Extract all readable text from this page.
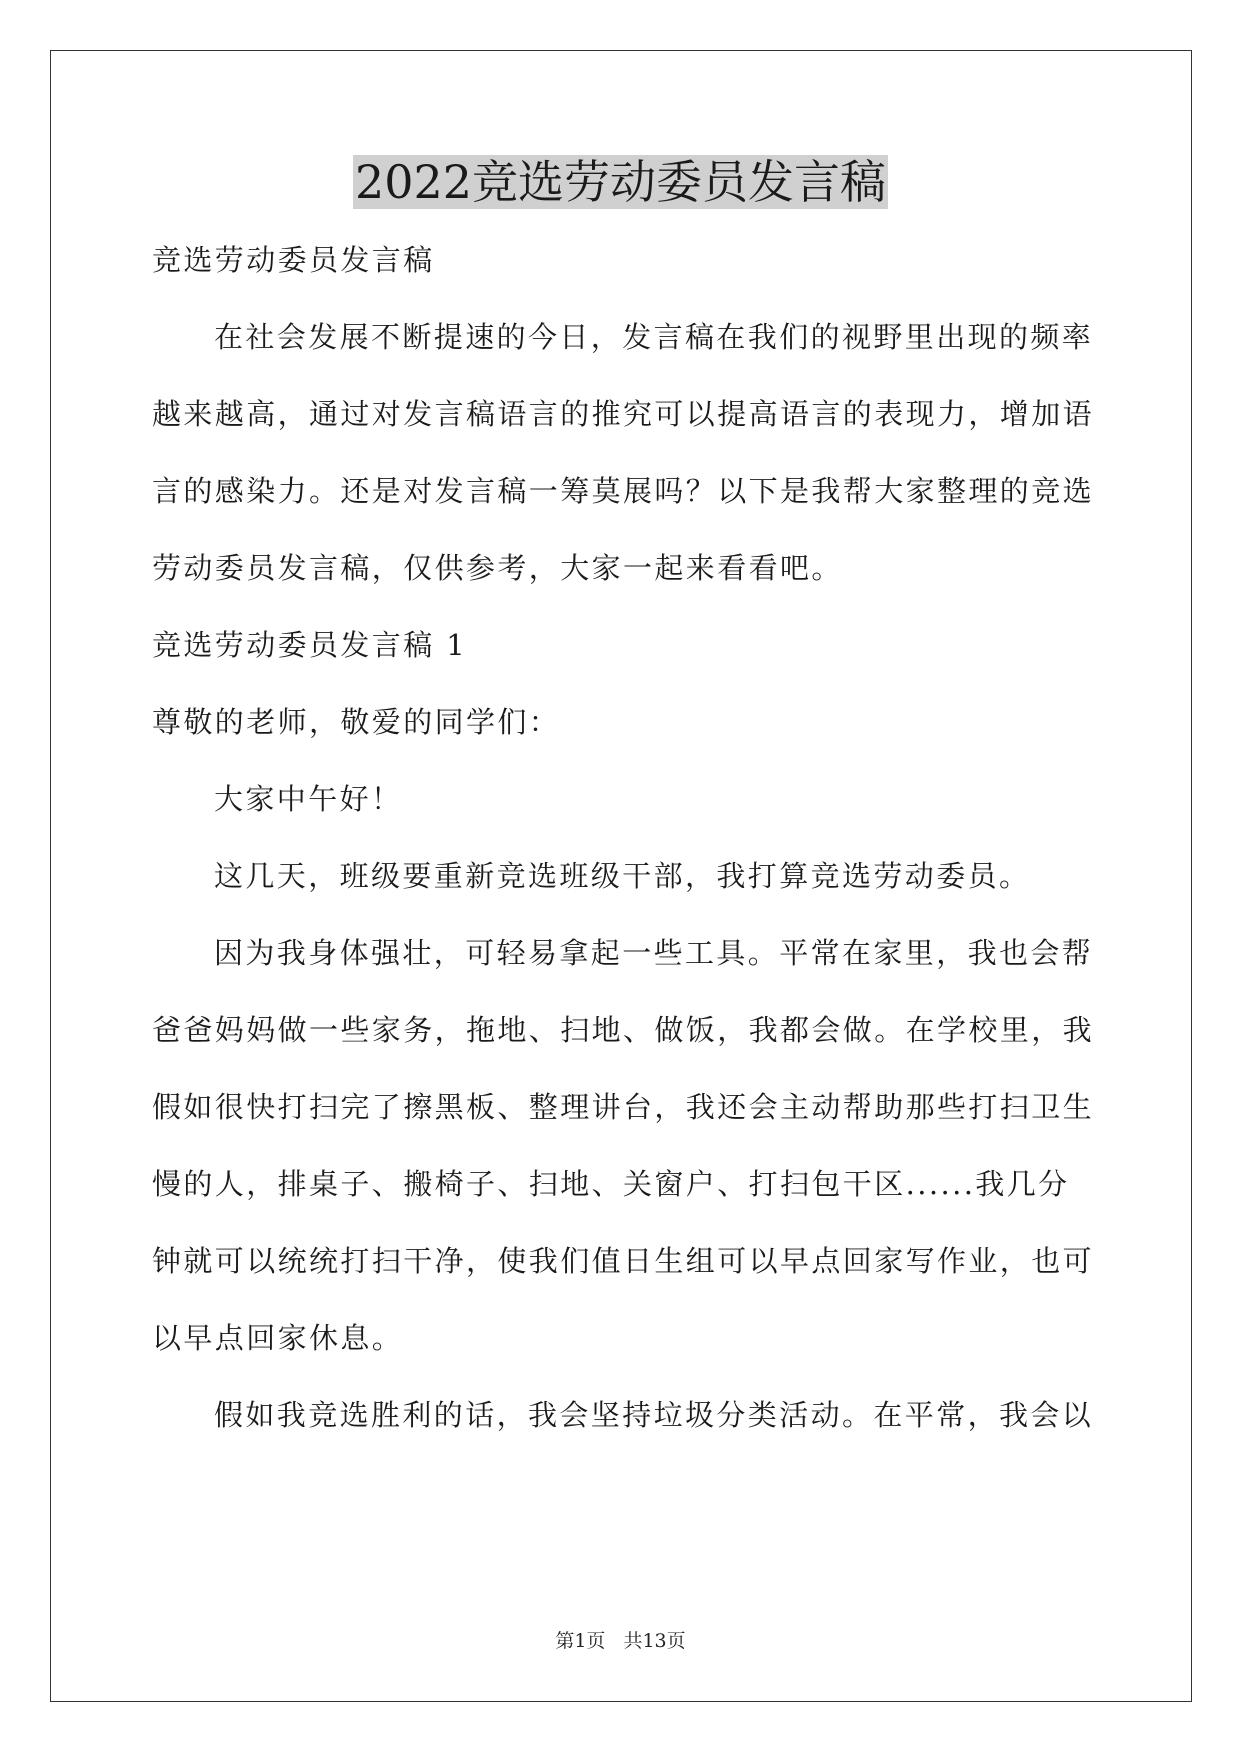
2022竞选劳动委员发言稿

竞选劳动委员发言稿

在社会发展不断提速的今日，发言稿在我们的视野里出现的频率

越来越高，通过对发言稿语言的推究可以提高语言的表现力，增加语

言的感染力。还是对发言稿一筹莫展吗？以下是我帮大家整理的竞选

劳动委员发言稿，仅供参考，大家一起来看看吧。

竞选劳动委员发言稿 1

尊敬的老师，敬爱的同学们：

大家中午好！

这几天，班级要重新竞选班级干部，我打算竞选劳动委员。

因为我身体强壮，可轻易拿起一些工具。平常在家里，我也会帮

爸爸妈妈做一些家务，拖地、扫地、做饭，我都会做。在学校里，我

假如很快打扫完了擦黑板、整理讲台，我还会主动帮助那些打扫卫生

慢的人，排桌子、搬椅子、扫地、关窗户、打扫包干区......我几分

钟就可以统统打扫干净，使我们值日生组可以早点回家写作业，也可

以早点回家休息。

假如我竞选胜利的话，我会坚持垃圾分类活动。在平常，我会以

第1页 共13页
